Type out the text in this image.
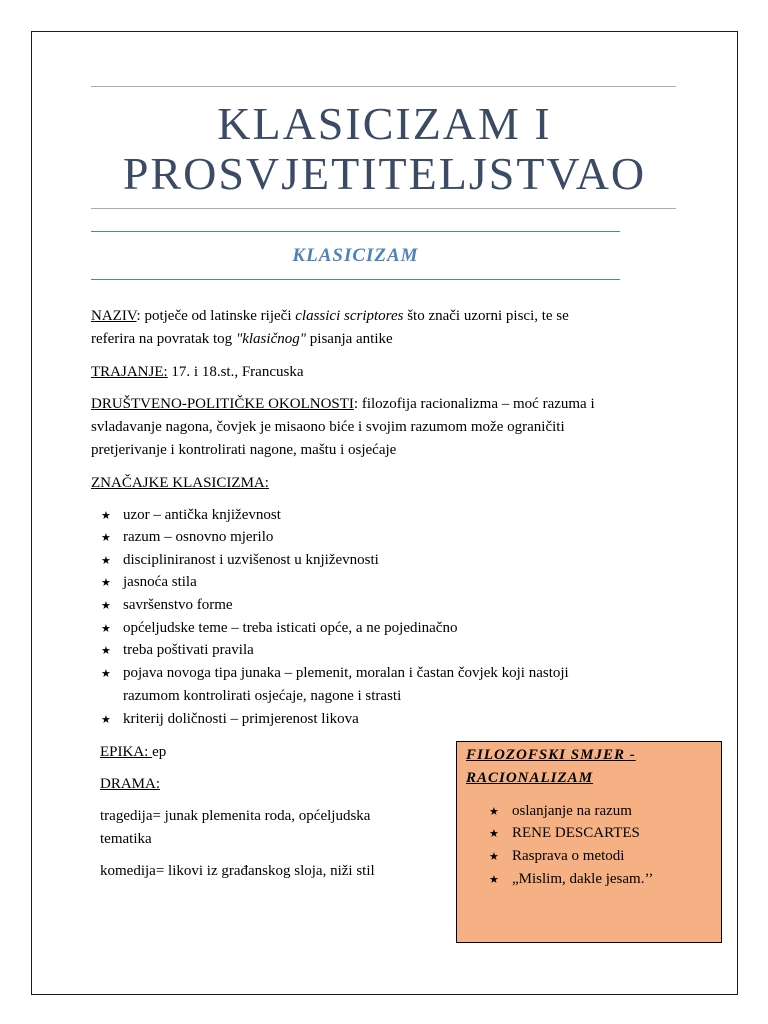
KLASICIZAM I
PROSVJETITELJSTVAO
KLASICIZAM
NAZIV: potječe od latinske riječi classici scriptores što znači uzorni pisci, te se
referira na povratak tog "klasičnog" pisanja antike
TRAJANJE: 17. i 18.st., Francuska
DRUŠTVENO-POLITIČKE OKOLNOSTI: filozofija racionalizma – moć razuma i
svladavanje nagona, čovjek je misaono biće i svojim razumom može ograničiti
pretjerivanje i kontrolirati nagone, maštu i osjećaje
ZNAČAJKE KLASICIZMA:
★uzor – antička književnost
★razum – osnovno mjerilo
★discipliniranost i uzvišenost u književnosti
★jasnoća stila
★savršenstvo forme
★općeljudske teme – treba isticati opće, a ne pojedinačno
★treba poštivati pravila
★pojava novoga tipa junaka – plemenit, moralan i častan čovjek koji nastoji
razumom kontrolirati osjećaje, nagone i strasti
★kriterij doličnosti – primjerenost likova
EPIKA: ep
DRAMA:
tragedija= junak plemenita roda, općeljudska
tematika
komedija= likovi iz građanskog sloja, niži stil
FILOZOFSKI SMJER -
RACIONALIZAM
★oslanjanje na razum
★RENE DESCARTES
★Rasprava o metodi
★„Mislim, dakle jesam.’’
